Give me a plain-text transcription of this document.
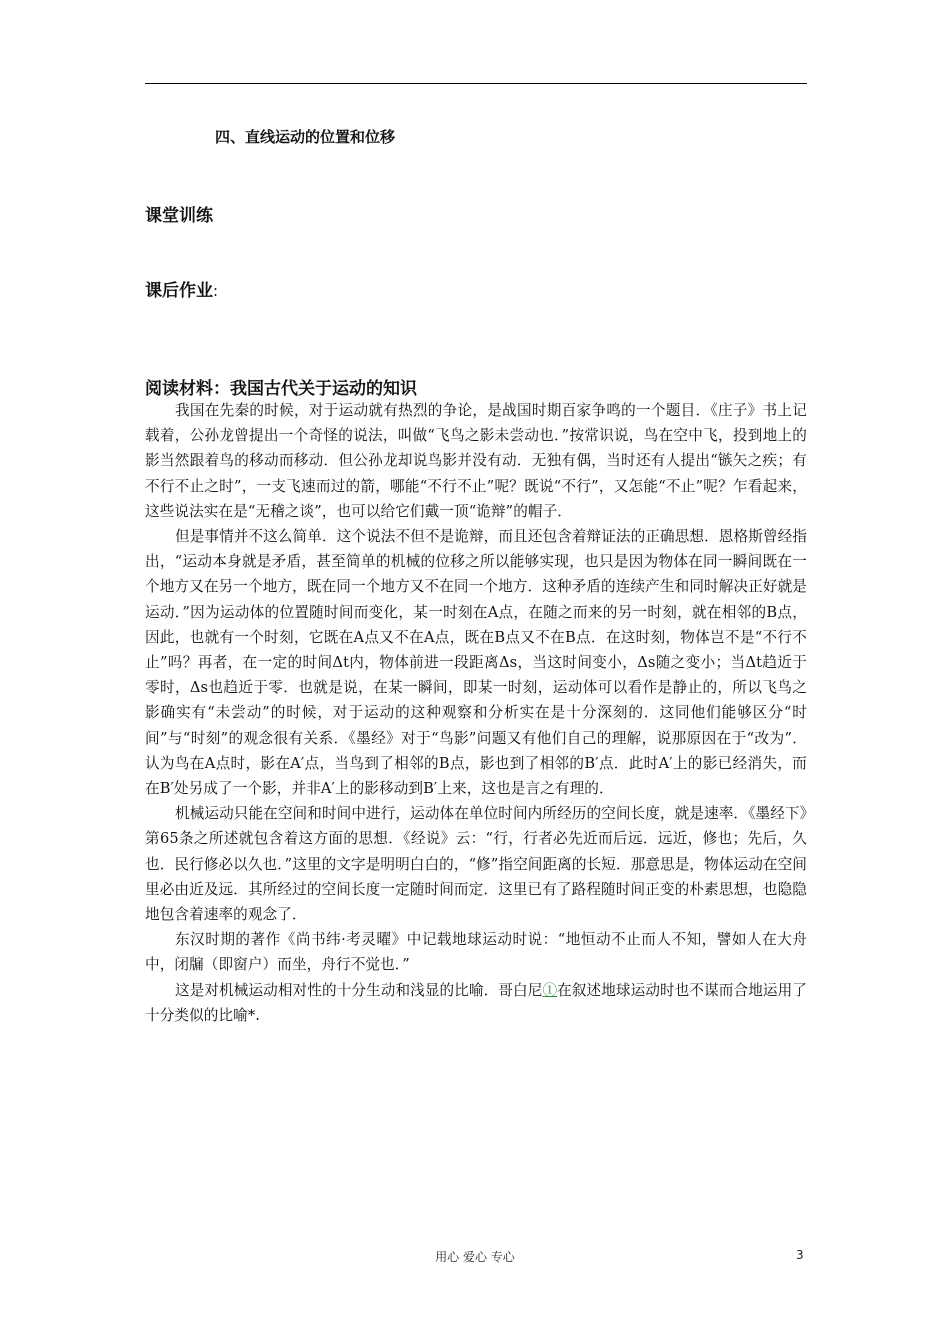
四、直线运动的位置和位移
课堂训练
课后作业:
阅读材料：我国古代关于运动的知识

我国在先秦的时候，对于运动就有热烈的争论，是战国时期百家争鸣的一个题目．《庄子》书上记载着，公孙龙曾提出一个奇怪的说法，叫做“飞鸟之影未尝动也．”按常识说，鸟在空中飞，投到地上的影当然跟着鸟的移动而移动．但公孙龙却说鸟影并没有动．无独有偶，当时还有人提出“镞矢之疾；有不行不止之时”，一支飞速而过的箭，哪能“不行不止”呢？既说“不行”，又怎能“不止”呢？乍看起来，这些说法实在是“无稽之谈”，也可以给它们戴一顶“诡辩”的帽子．

但是事情并不这么简单．这个说法不但不是诡辩，而且还包含着辩证法的正确思想．恩格斯曾经指出，“运动本身就是矛盾，甚至简单的机械的位移之所以能够实现，也只是因为物体在同一瞬间既在一个地方又在另一个地方，既在同一个地方又不在同一个地方．这种矛盾的连续产生和同时解决正好就是运动．”因为运动体的位置随时间而变化，某一时刻在A点，在随之而来的另一时刻，就在相邻的B点，因此，也就有一个时刻，它既在A点又不在A点，既在B点又不在B点．在这时刻，物体岂不是“不行不止”吗？再者，在一定的时间Δt内，物体前进一段距离Δs，当这时间变小，Δs随之变小；当Δt趋近于零时，Δs也趋近于零．也就是说，在某一瞬间，即某一时刻，运动体可以看作是静止的，所以飞鸟之影确实有“未尝动”的时候，对于运动的这种观察和分析实在是十分深刻的．这同他们能够区分“时间”与“时刻”的观念很有关系．《墨经》对于“鸟影”问题又有他们自己的理解，说那原因在于“改为”．认为鸟在A点时，影在A′点，当鸟到了相邻的B点，影也到了相邻的B′点．此时A′上的影已经消失，而在B′处另成了一个影，并非A′上的影移动到B′上来，这也是言之有理的．

机械运动只能在空间和时间中进行，运动体在单位时间内所经历的空间长度，就是速率．《墨经下》第65条之所述就包含着这方面的思想．《经说》云：“行，行者必先近而后远．远近，修也；先后，久也．民行修必以久也．”这里的文字是明明白白的，“修”指空间距离的长短．那意思是，物体运动在空间里必由近及远．其所经过的空间长度一定随时间而定．这里已有了路程随时间正变的朴素思想，也隐隐地包含着速率的观念了．

东汉时期的著作《尚书纬·考灵曜》中记载地球运动时说：“地恒动不止而人不知，譬如人在大舟中，闭牖（即窗户）而坐，舟行不觉也．”

这是对机械运动相对性的十分生动和浅显的比喻．哥白尼①在叙述地球运动时也不谋而合地运用了十分类似的比喻*.

用心 爱心 专心	3
